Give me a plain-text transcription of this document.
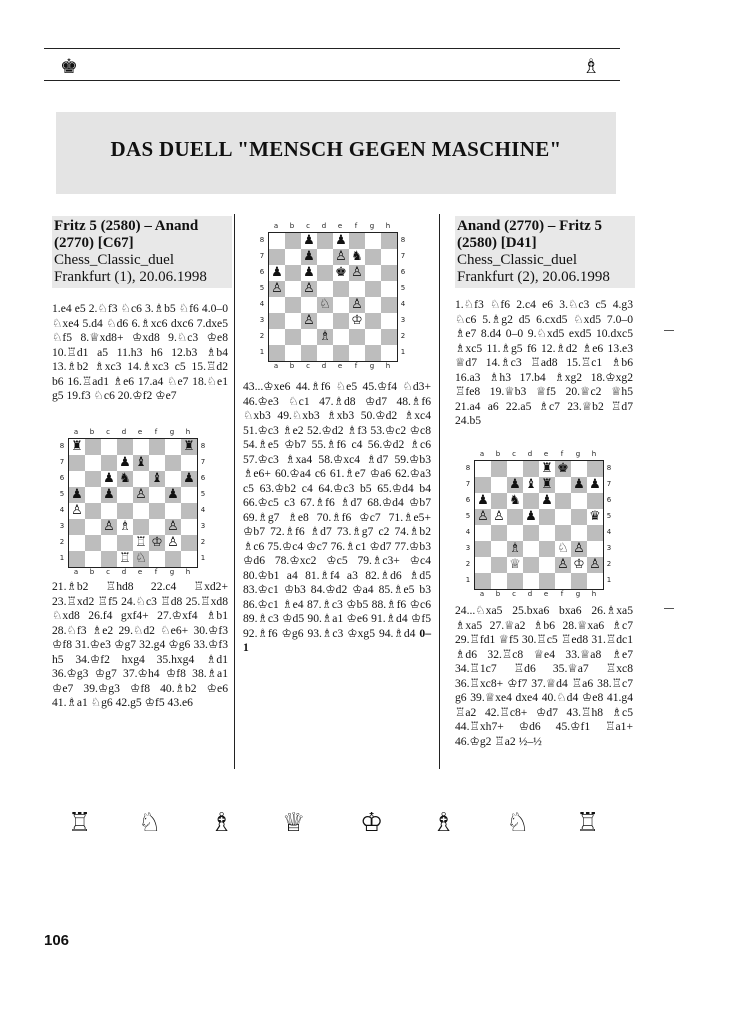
♚	♗
DAS DUELL "MENSCH GEGEN MASCHINE"
Fritz 5 (2580) – Anand
(2770) [C67]
Chess_Classic_duel
Frankfurt (1), 20.06.1998
1.e4 e5 2.♘f3 ♘c6 3.♗b5 ♘f6 4.0–0 ♘xe4 5.d4 ♘d6 6.♗xc6 dxc6 7.dxe5 ♘f5 8.♕xd8+ ♔xd8 9.♘c3 ♔e8 10.♖d1 a5 11.h3 h6 12.b3 ♗b4 13.♗b2 ♗xc3 14.♗xc3 c5 15.♖d2 b6 16.♖ad1 ♗e6 17.a4 ♘e7 18.♘e1 g5 19.f3 ♘c6 20.♔f2 ♔e7
a
a
b
b
c
c
d
d
e
e
f
f
g
g
h
h
♜	♜
♟ ♝
♟ ♞ ♝ ♟
♟ ♟ ♙ ♟
♙
♙ ♗	♙
♖ ♔ ♙
♖ ♘
8	8
7	7
6	6
5	5
4	4
3	3
2	2
1	1
21.♗b2 ♖hd8 22.c4 ♖xd2+ 23.♖xd2 ♖f5 24.♘c3 ♖d8 25.♖xd8 ♘xd8 26.f4 gxf4+ 27.♔xf4 ♗b1 28.♘f3 ♗e2 29.♘d2 ♘e6+ 30.♔f3 ♔f8 31.♔e3 ♔g7 32.g4 ♔g6 33.♔f3 h5 34.♔f2 hxg4 35.hxg4 ♗d1 36.♔g3 ♔g7 37.♔h4 ♔f8 38.♗a1 ♔e7 39.♔g3 ♔f8 40.♗b2 ♔e6 41.♗a1 ♘g6 42.g5 ♔f5 43.e6
a
a
b
b
c
c
d
d
e
e
f
f
g
g
h
h
♟ ♟
♟ ♙ ♞
♟ ♟ ♚ ♙
♙ ♙
♘ ♙
♙	♔
♗
8	8
7	7
6	6
5	5
4	4
3	3
2	2
1	1
43...♔xe6 44.♗f6 ♘e5 45.♔f4 ♘d3+ 46.♔e3 ♘c1 47.♗d8 ♔d7 48.♗f6 ♘xb3 49.♘xb3 ♗xb3 50.♔d2 ♗xc4 51.♔c3 ♗e2 52.♔d2 ♗f3 53.♔c2 ♔c8 54.♗e5 ♔b7 55.♗f6 c4 56.♔d2 ♗c6 57.♔c3 ♗xa4 58.♔xc4 ♗d7 59.♔b3 ♗e6+ 60.♔a4 c6 61.♗e7 ♔a6 62.♔a3 c5 63.♔b2 c4 64.♔c3 b5 65.♔d4 b4 66.♔c5 c3 67.♗f6 ♗d7 68.♔d4 ♔b7 69.♗g7 ♗e8 70.♗f6 ♔c7 71.♗e5+ ♔b7 72.♗f6 ♗d7 73.♗g7 c2 74.♗b2 ♗c6 75.♔c4 ♔c7 76.♗c1 ♔d7 77.♔b3 ♔d6 78.♔xc2 ♔c5 79.♗c3+ ♔c4 80.♔b1 a4 81.♗f4 a3 82.♗d6 ♗d5 83.♔c1 ♔b3 84.♔d2 ♔a4 85.♗e5 b3 86.♔c1 ♗e4 87.♗c3 ♔b5 88.♗f6 ♔c6 89.♗c3 ♔d5 90.♗a1 ♔e6 91.♗d4 ♔f5 92.♗f6 ♔g6 93.♗c3 ♔xg5 94.♗d4 0–1
Anand (2770) – Fritz 5
(2580) [D41]
Chess_Classic_duel
Frankfurt (2), 20.06.1998
1.♘f3 ♘f6 2.c4 e6 3.♘c3 c5 4.g3 ♘c6 5.♗g2 d5 6.cxd5 ♘xd5 7.0–0 ♗e7 8.d4 0–0 9.♘xd5 exd5 10.dxc5 ♗xc5 11.♗g5 f6 12.♗d2 ♗e6 13.e3 ♕d7 14.♗c3 ♖ad8 15.♖c1 ♗b6 16.a3 ♗h3 17.b4 ♗xg2 18.♔xg2 ♖fe8 19.♕b3 ♕f5 20.♕c2 ♕h5 21.a4 a6 22.a5 ♗c7 23.♕b2 ♖d7 24.b5
a
a
b
b
c
c
d
d
e
e
f
f
g
g
h
h
♜ ♚
♟ ♝ ♜ ♟ ♟
♟ ♞ ♟
♙ ♙ ♟	♛
♗	♘ ♙
♕	♙ ♔ ♙
8	8
7	7
6	6
5	5
4	4
3	3
2	2
1	1
24...♘xa5 25.bxa6 bxa6 26.♗xa5 ♗xa5 27.♕a2 ♗b6 28.♕xa6 ♗c7 29.♖fd1 ♕f5 30.♖c5 ♖ed8 31.♖dc1 ♗d6 32.♖c8 ♕e4 33.♕a8 ♗e7 34.♖1c7 ♖d6 35.♕a7 ♖xc8 36.♖xc8+ ♔f7 37.♕d4 ♖a6 38.♖c7 g6 39.♕xe4 dxe4 40.♘d4 ♔e8 41.g4 ♖a2 42.♖c8+ ♔d7 43.♖h8 ♗c5 44.♖xh7+ ♔d6 45.♔f1 ♖a1+ 46.♔g2 ♖a2 ½–½
♖ ♘ ♗ ♕ ♔ ♗ ♘ ♖
106
